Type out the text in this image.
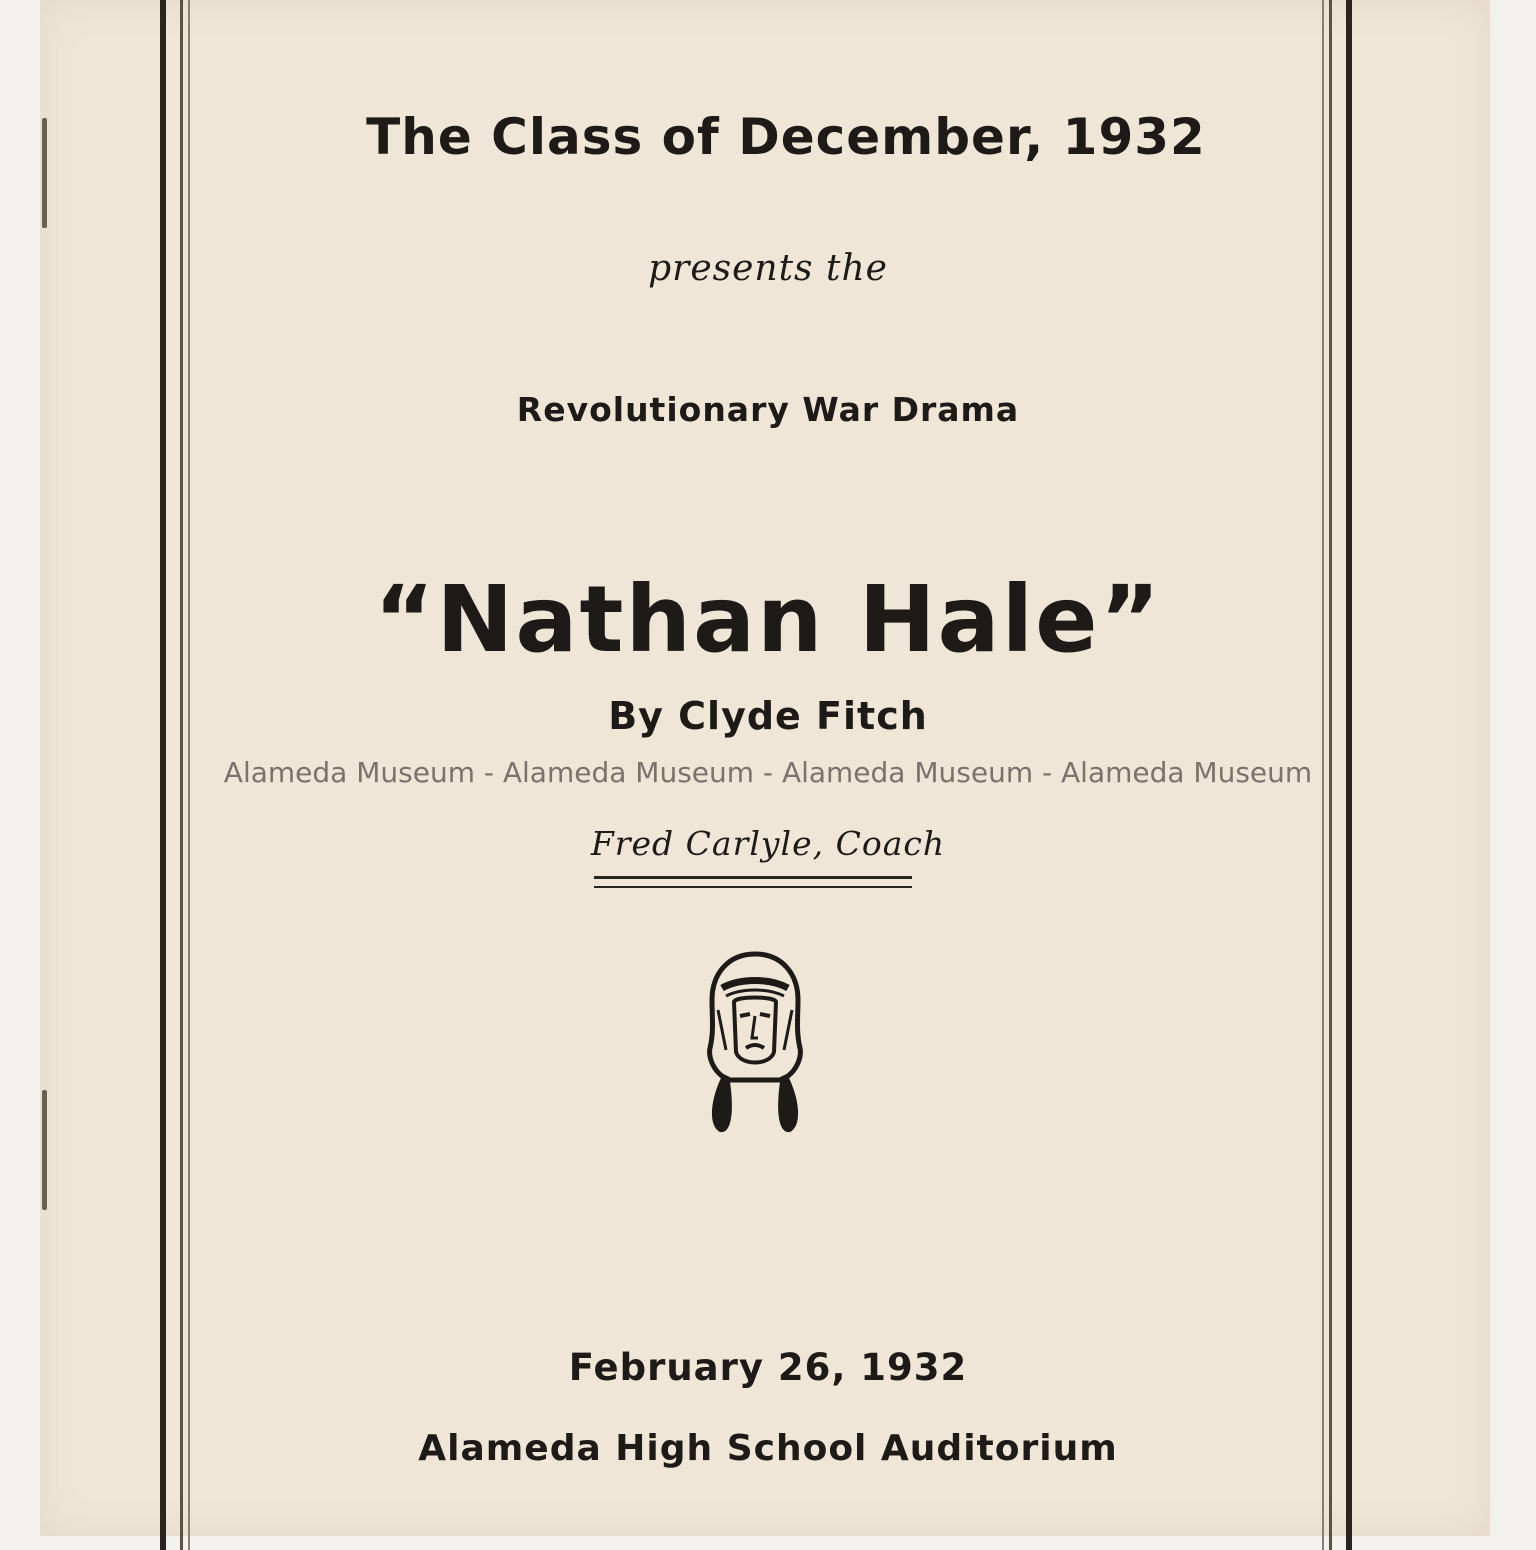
The Class of December, 1932
presents the
Revolutionary War Drama
“Nathan Hale”
By Clyde Fitch
Alameda Museum - Alameda Museum - Alameda Museum - Alameda Museum
Fred Carlyle, Coach
February 26, 1932
Alameda High School Auditorium
